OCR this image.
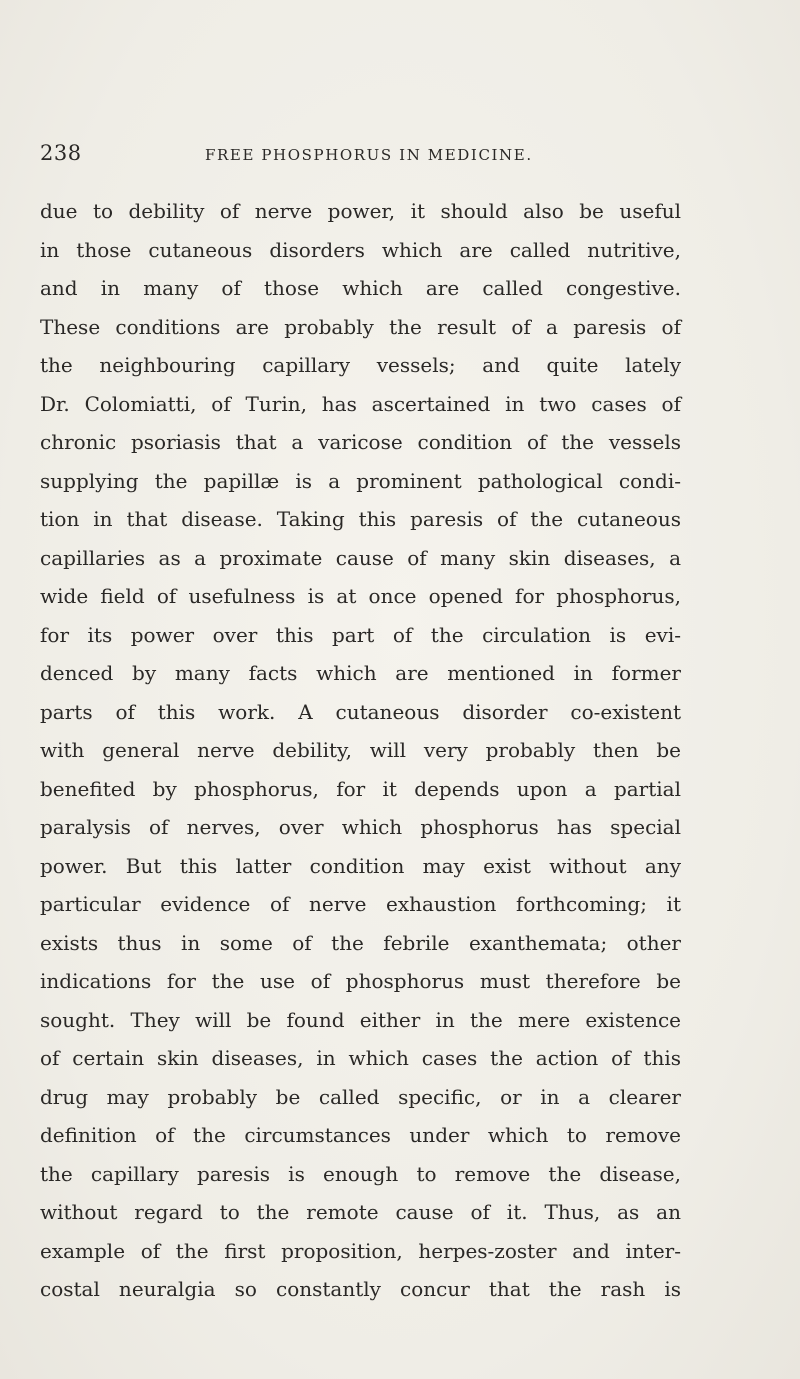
238	FREE PHOSPHORUS IN MEDICINE.
due to debility of nerve power, it should also be useful
in those cutaneous disorders which are called nutritive,
and in many of those which are called congestive.
These conditions are probably the result of a paresis of
the neighbouring capillary vessels; and quite lately
Dr. Colomiatti, of Turin, has ascertained in two cases of
chronic psoriasis that a varicose condition of the vessels
supplying the papillæ is a prominent pathological condi-
tion in that disease. Taking this paresis of the cutaneous
capillaries as a proximate cause of many skin diseases, a
wide field of usefulness is at once opened for phosphorus,
for its power over this part of the circulation is evi-
denced by many facts which are mentioned in former
parts of this work. A cutaneous disorder co-existent
with general nerve debility, will very probably then be
benefited by phosphorus, for it depends upon a partial
paralysis of nerves, over which phosphorus has special
power. But this latter condition may exist without any
particular evidence of nerve exhaustion forthcoming; it
exists thus in some of the febrile exanthemata; other
indications for the use of phosphorus must therefore be
sought. They will be found either in the mere existence
of certain skin diseases, in which cases the action of this
drug may probably be called specific, or in a clearer
definition of the circumstances under which to remove
the capillary paresis is enough to remove the disease,
without regard to the remote cause of it. Thus, as an
example of the first proposition, herpes-zoster and inter-
costal neuralgia so constantly concur that the rash is
